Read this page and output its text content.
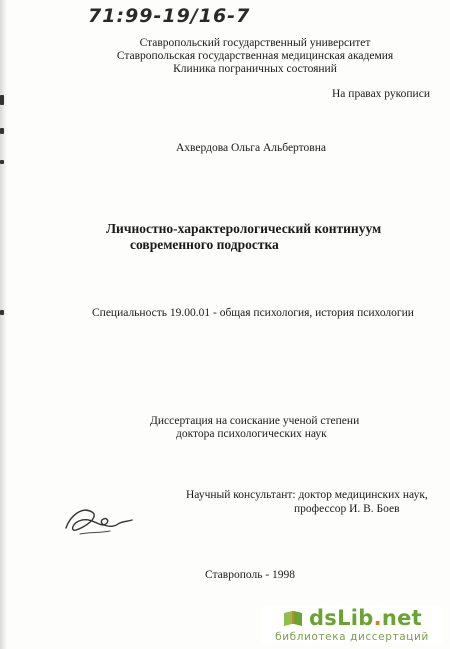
71:99-19/16-7
Ставропольский государственный университет
Ставропольская государственная медицинская академия
Клиника пограничных состояний
На правах рукописи
Ахвердова Ольга Альбертовна
Личностно-характерологический континуум
современного подростка
Специальность 19.00.01 - общая психология, история психологии
Диссертация на соискание ученой степени
доктора психологических наук
Научный консультант: доктор медицинских наук,
профессор И. В. Боев
Ставрополь - 1998
dsLib.net
библиотека диссертаций
